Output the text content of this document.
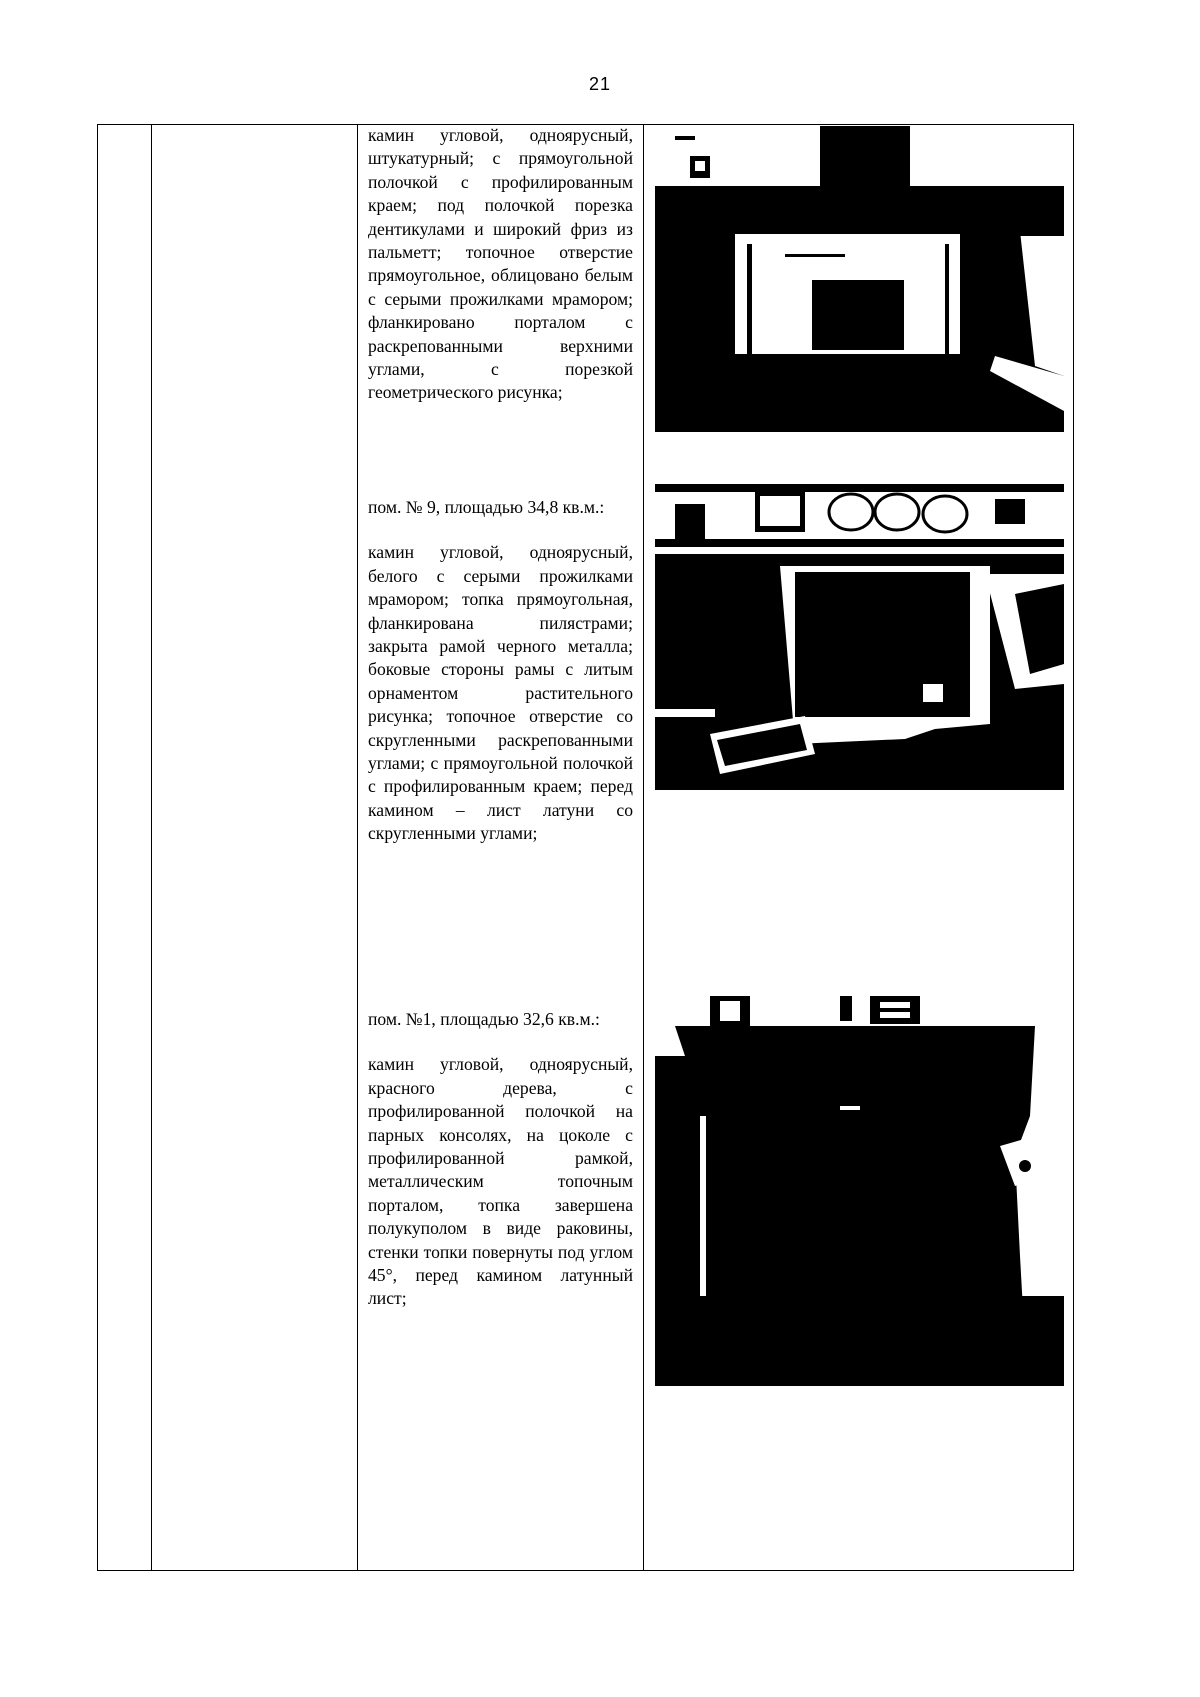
21

камин угловой, одноярусный, штукатурный; с прямоугольной полочкой с профилированным краем; под полочкой порезка дентикулами и широкий фриз из пальметт; топочное отверстие прямоугольное, облицовано белым с серыми прожилками мрамором; фланкировано порталом с раскрепованными верхними углами, с порезкой геометрического рисунка;

пом. № 9, площадью 34,8 кв.м.:

камин угловой, одноярусный, белого с серыми прожилками мрамором; топка прямоугольная, фланкирована пилястрами; закрыта рамой черного металла; боковые стороны рамы с литым орнаментом растительного рисунка; топочное отверстие со скругленными раскрепованными углами; с прямоугольной полочкой с профилированным краем; перед камином – лист латуни со скругленными углами;

пом. №1, площадью 32,6 кв.м.:

камин угловой, одноярусный, красного дерева, с профилированной полочкой на парных консолях, на цоколе с профилированной рамкой, металлическим топочным порталом, топка завершена полукуполом в виде раковины, стенки топки повернуты под углом 45°, перед камином латунный лист;
